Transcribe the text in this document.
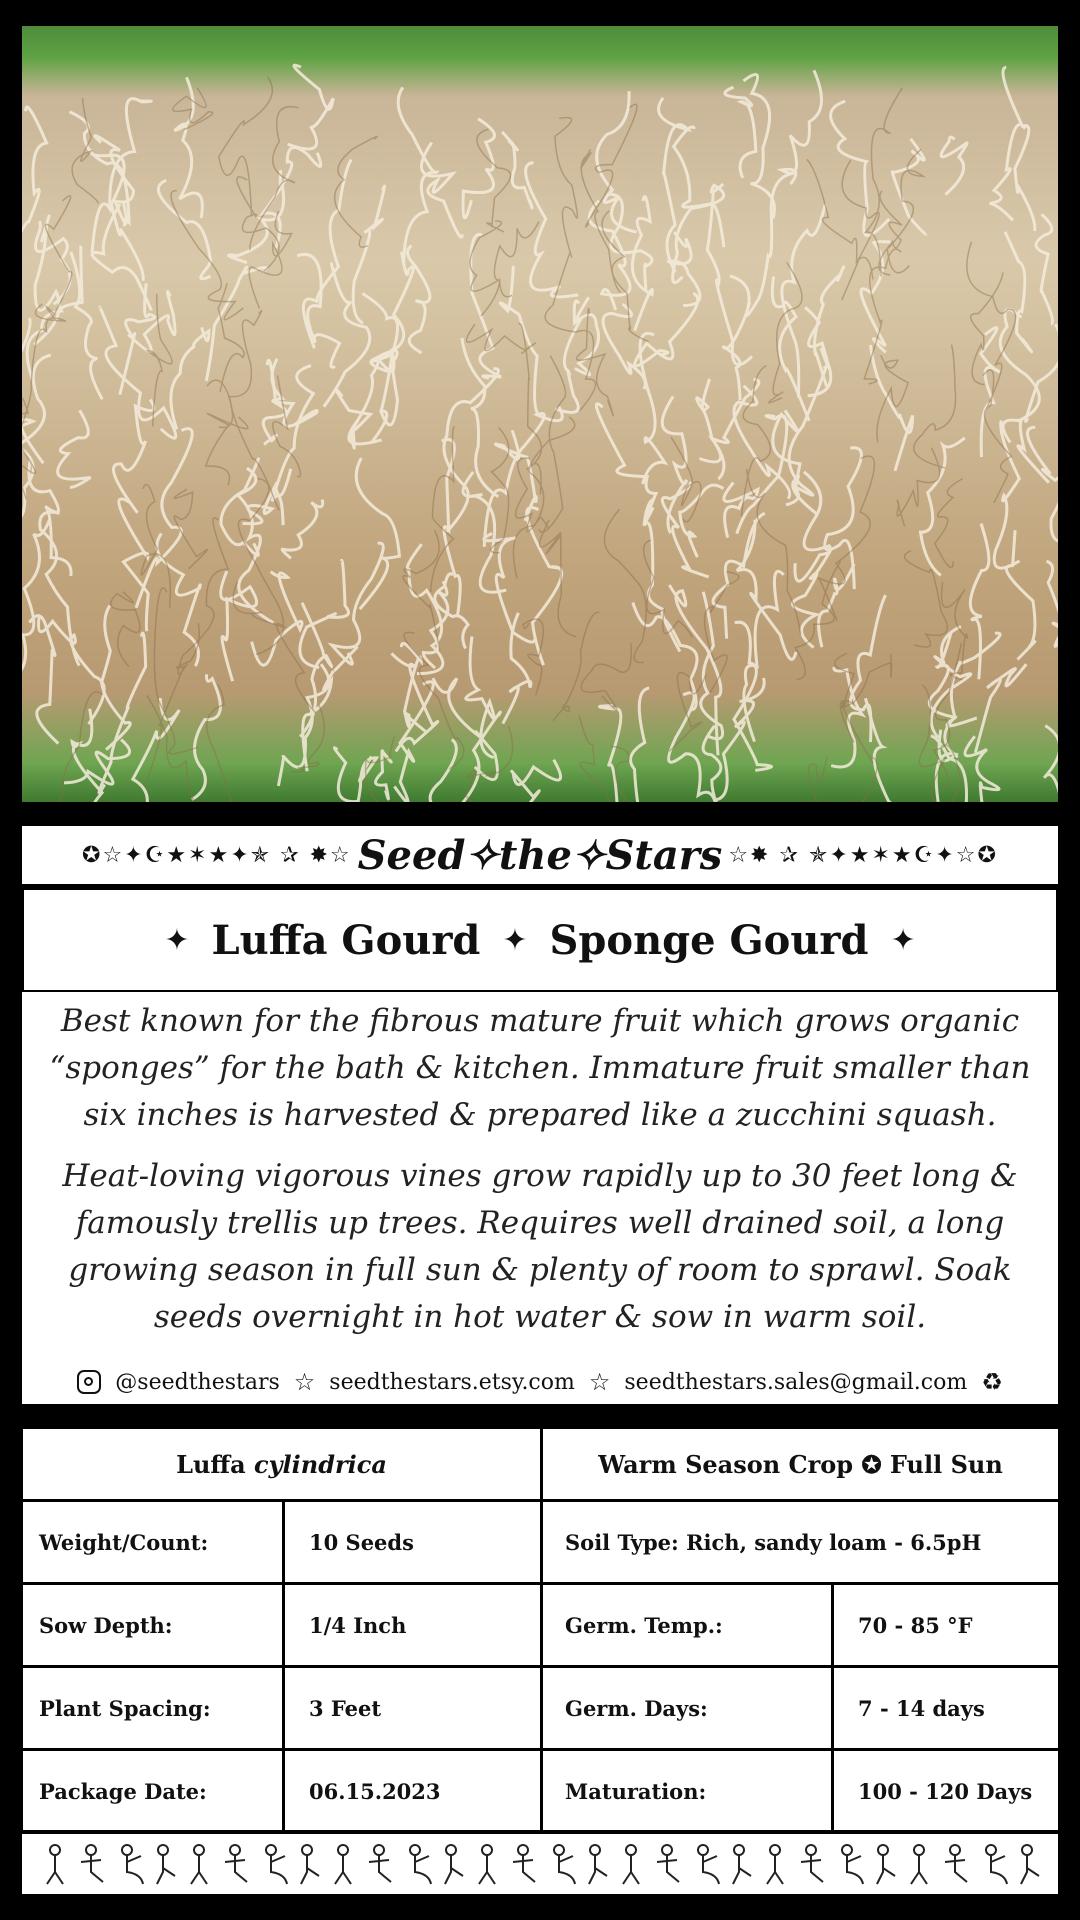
✪☆✦☪★✶★✦✯ ✰ ✸☆ Seed✧the✧Stars ☆✸ ✰ ✯✦★✶★☪✦☆✪
✦ Luffa Gourd ✦ Sponge Gourd ✦

Best known for the fibrous mature fruit which grows organic “sponges” for the bath & kitchen. Immature fruit smaller than six inches is harvested & prepared like a zucchini squash.

Heat-loving vigorous vines grow rapidly up to 30 feet long & famously trellis up trees. Requires well drained soil, a long growing season in full sun & plenty of room to sprawl. Soak seeds overnight in hot water & sow in warm soil.

@seedthestars ☆ seedthestars.etsy.com ☆ seedthestars.sales@gmail.com ♻
Luffa cylindrica		Warm Season Crop ✪ Full Sun	
Weight/Count:	10 Seeds	Soil Type: Rich, sandy loam - 6.5pH	
Sow Depth:	1/4 Inch	Germ. Temp.:	70 - 85 °F
Plant Spacing:	3 Feet	Germ. Days:	7 - 14 days
Package Date:	06.15.2023	Maturation:	100 - 120 Days
